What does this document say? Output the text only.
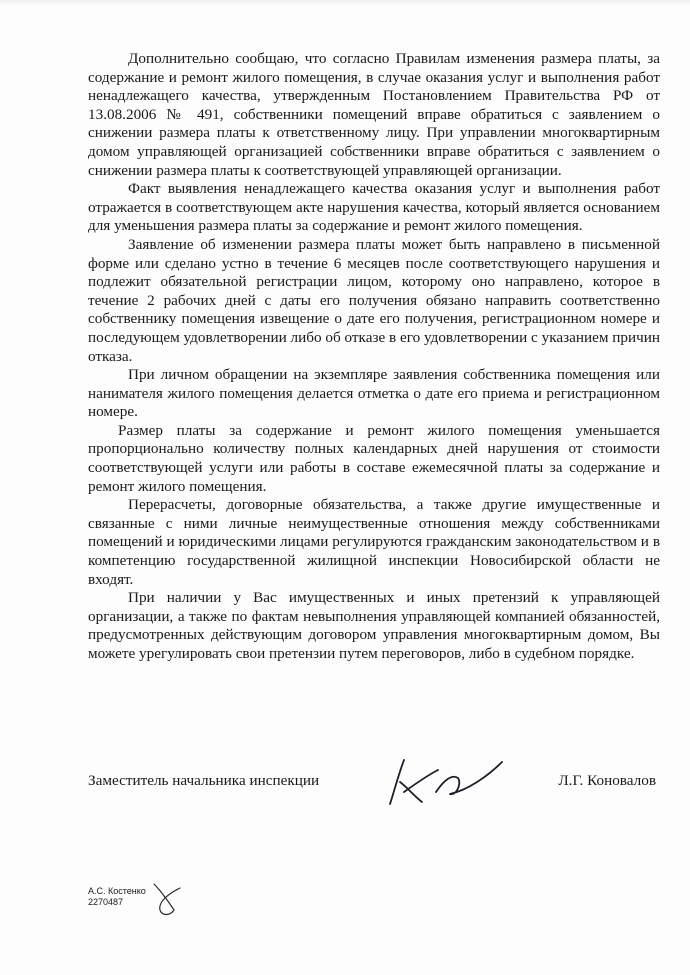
Дополнительно сообщаю, что согласно Правилам изменения размера платы, за содержание и ремонт жилого помещения, в случае оказания услуг и выполнения работ ненадлежащего качества, утвержденным Постановлением Правительства РФ от 13.08.2006 № 491, собственники помещений вправе обратиться с заявлением о снижении размера платы к ответственному лицу. При управлении многоквартирным домом управляющей организацией собственники вправе обратиться с заявлением о снижении размера платы к соответствующей управляющей организации.

Факт выявления ненадлежащего качества оказания услуг и выполнения работ отражается в соответствующем акте нарушения качества, который является основанием для уменьшения размера платы за содержание и ремонт жилого помещения.

Заявление об изменении размера платы может быть направлено в письменной форме или сделано устно в течение 6 месяцев после соответствующего нарушения и подлежит обязательной регистрации лицом, которому оно направлено, которое в течение 2 рабочих дней с даты его получения обязано направить соответственно собственнику помещения извещение о дате его получения, регистрационном номере и последующем удовлетворении либо об отказе в его удовлетворении с указанием причин отказа.

При личном обращении на экземпляре заявления собственника помещения или нанимателя жилого помещения делается отметка о дате его приема и регистрационном номере.

Размер платы за содержание и ремонт жилого помещения уменьшается пропорционально количеству полных календарных дней нарушения от стоимости соответствующей услуги или работы в составе ежемесячной платы за содержание и ремонт жилого помещения.

Перерасчеты, договорные обязательства, а также другие имущественные и связанные с ними личные неимущественные отношения между собственниками помещений и юридическими лицами регулируются гражданским законодательством и в компетенцию государственной жилищной инспекции Новосибирской области не входят.

При наличии у Вас имущественных и иных претензий к управляющей организации, а также по фактам невыполнения управляющей компанией обязанностей, предусмотренных действующим договором управления многоквартирным домом, Вы можете урегулировать свои претензии путем переговоров, либо в судебном порядке.

Заместитель начальника инспекции	Л.Г. Коновалов
А.С. Костенко
2270487
